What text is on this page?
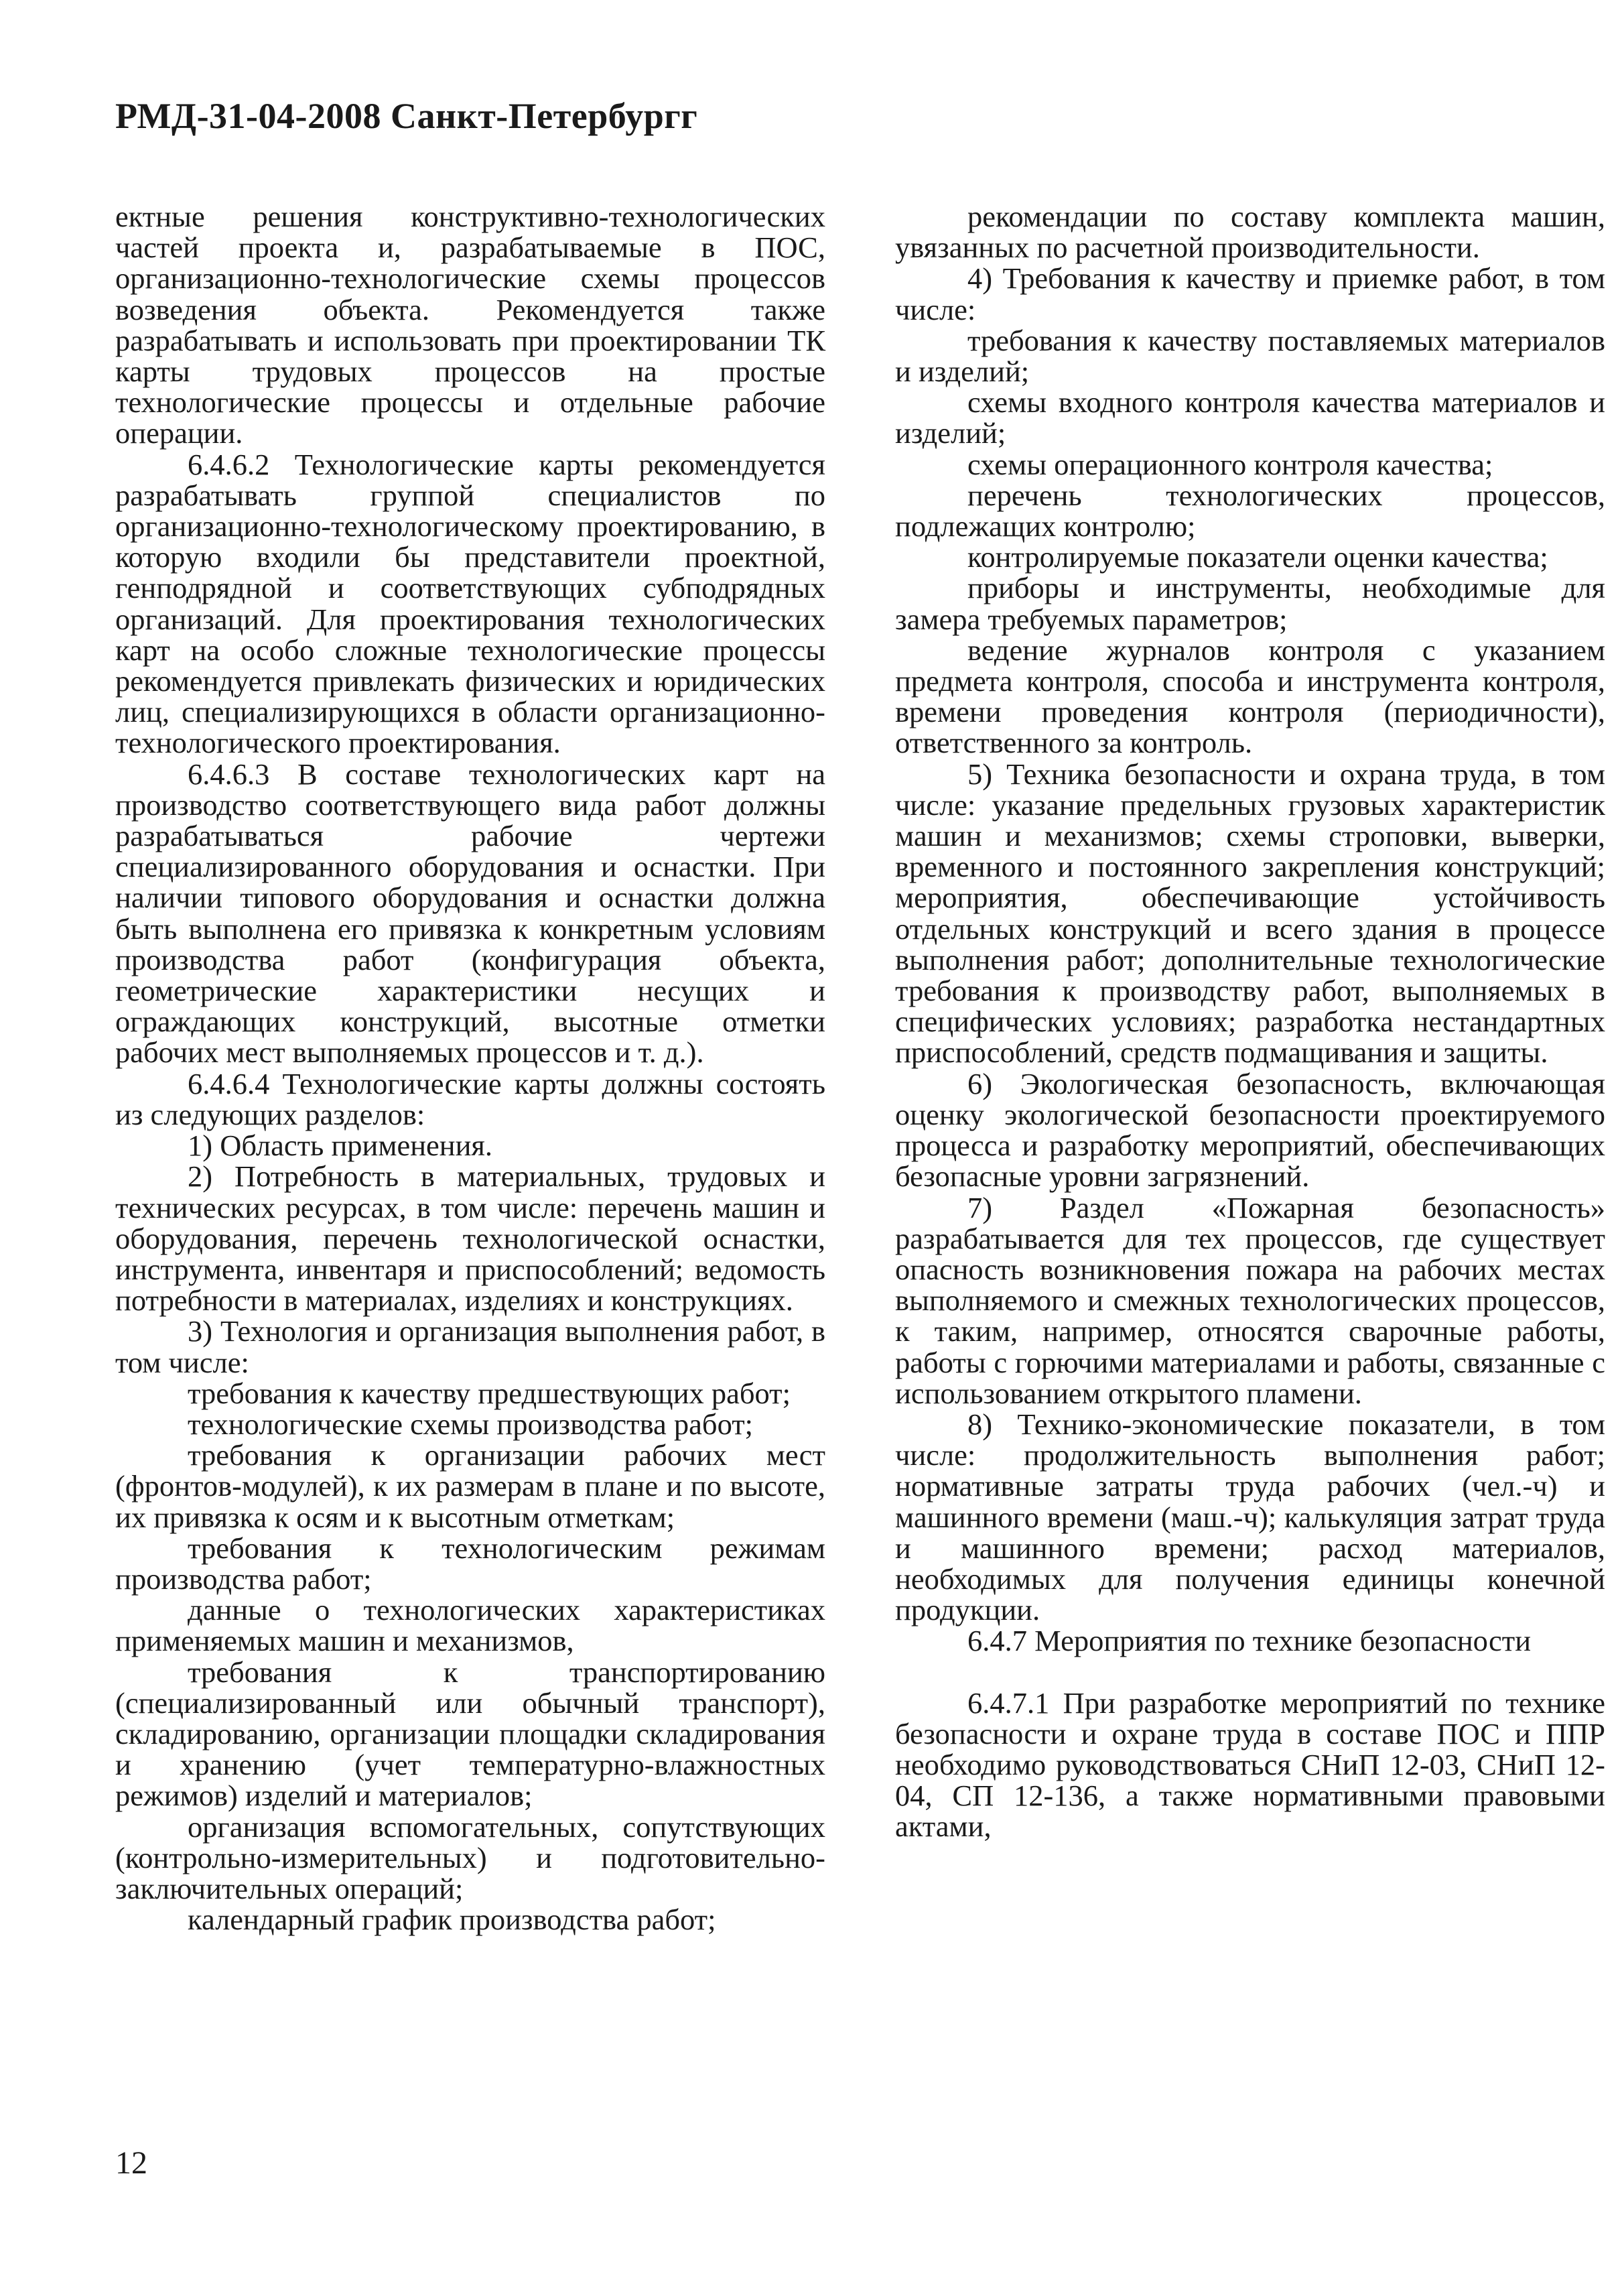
РМД-31-04-2008 Санкт-Петербургг

ектные решения конструктивно-технологических частей проекта и, разрабатываемые в ПОС, организационно-технологические схемы процессов возведения объекта. Рекомендуется также разрабатывать и использовать при проектировании ТК карты трудовых процессов на простые технологические процессы и отдельные рабочие операции.

6.4.6.2 Технологические карты рекомендуется разрабатывать группой специалистов по организационно-технологическому проектированию, в которую входили бы представители проектной, генподрядной и соответствующих субподрядных организаций. Для проектирования технологических карт на особо сложные технологические процессы рекомендуется привлекать физических и юридических лиц, специализирующихся в области организационно-технологического проектирования.

6.4.6.3 В составе технологических карт на производство соответствующего вида работ должны разрабатываться рабочие чертежи специализированного оборудования и оснастки. При наличии типового оборудования и оснастки должна быть выполнена его привязка к конкретным условиям производства работ (конфигурация объекта, геометрические характеристики несущих и ограждающих конструкций, высотные отметки рабочих мест выполняемых процессов и т. д.).

6.4.6.4 Технологические карты должны состоять из следующих разделов:

1) Область применения.

2) Потребность в материальных, трудовых и технических ресурсах, в том числе: перечень машин и оборудования, перечень технологической оснастки, инструмента, инвентаря и приспособлений; ведомость потребности в материалах, изделиях и конструкциях.

3) Технология и организация выполнения работ, в том числе:

требования к качеству предшествующих работ;

технологические схемы производства работ;

требования к организации рабочих мест (фронтов-модулей), к их размерам в плане и по высоте, их привязка к осям и к высотным отметкам;

требования к технологическим режимам производства работ;

данные о технологических характеристиках применяемых машин и механизмов,

требования к транспортированию (специализированный или обычный транспорт), складированию, организации площадки складирования и хранению (учет температурно-влажностных режимов) изделий и материалов;

организация вспомогательных, сопутствующих (контрольно-измерительных) и подготовительно-заключительных операций;

календарный график производства работ;

рекомендации по составу комплекта машин, увязанных по расчетной производительности.

4) Требования к качеству и приемке работ, в том числе:

требования к качеству поставляемых материалов и изделий;

схемы входного контроля качества материалов и изделий;

схемы операционного контроля качества;

перечень технологических процессов, подлежащих контролю;

контролируемые показатели оценки качества;

приборы и инструменты, необходимые для замера требуемых параметров;

ведение журналов контроля с указанием предмета контроля, способа и инструмента контроля, времени проведения контроля (периодичности), ответственного за контроль.

5) Техника безопасности и охрана труда, в том числе: указание предельных грузовых характеристик машин и механизмов; схемы строповки, выверки, временного и постоянного закрепления конструкций; мероприятия, обеспечивающие устойчивость отдельных конструкций и всего здания в процессе выполнения работ; дополнительные технологические требования к производству работ, выполняемых в специфических условиях; разработка нестандартных приспособлений, средств подмащивания и защиты.

6) Экологическая безопасность, включающая оценку экологической безопасности проектируемого процесса и разработку мероприятий, обеспечивающих безопасные уровни загрязнений.

7) Раздел «Пожарная безопасность» разрабатывается для тех процессов, где существует опасность возникновения пожара на рабочих местах выполняемого и смежных технологических процессов, к таким, например, относятся сварочные работы, работы с горючими материалами и работы, связанные с использованием открытого пламени.

8) Технико-экономические показатели, в том числе: продолжительность выполнения работ; нормативные затраты труда рабочих (чел.-ч) и машинного времени (маш.-ч); калькуляция затрат труда и машинного времени; расход материалов, необходимых для получения единицы конечной продукции.

6.4.7 Мероприятия по технике безопасности

6.4.7.1 При разработке мероприятий по технике безопасности и охране труда в составе ПОС и ППР необходимо руководствоваться СНиП 12-03, СНиП 12-04, СП 12-136, а также нормативными правовыми актами,

12
